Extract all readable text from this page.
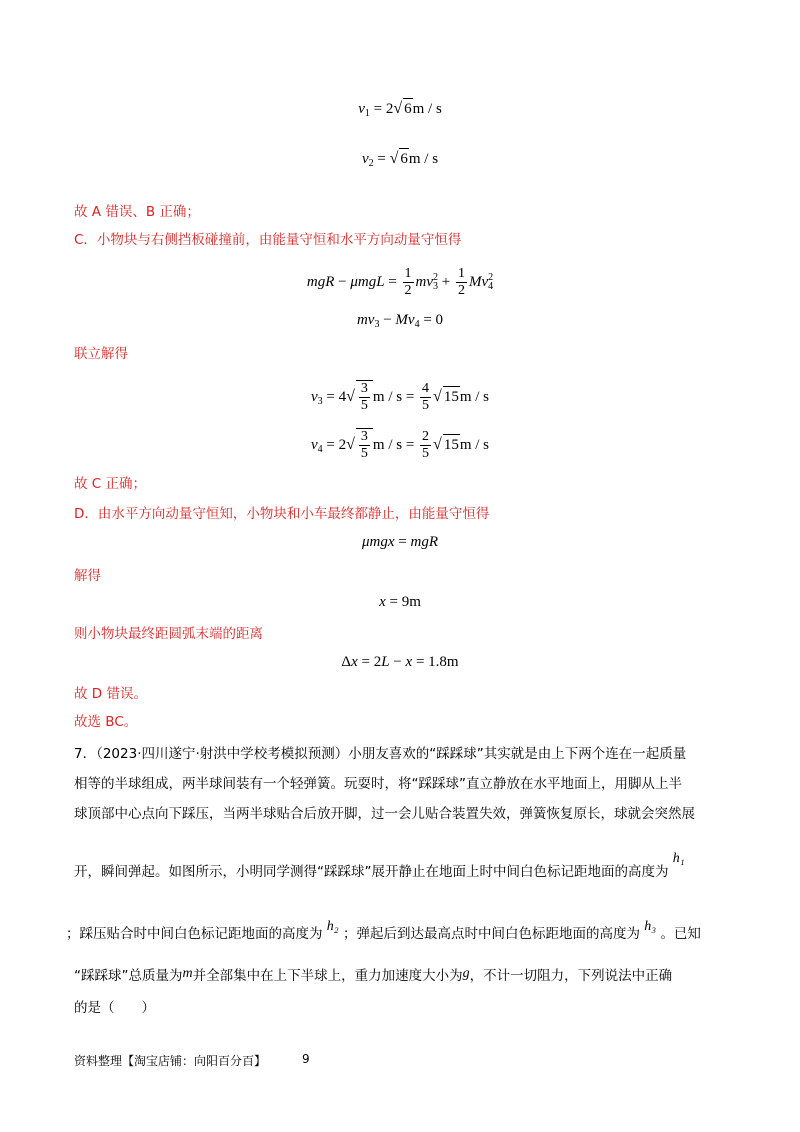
$v_1 = 2√$ 6m / s
$v_2$ = √ 6m / s
故 A 错误、B 正确；
C．小物块与右侧挡板碰撞前，由能量守恒和水平方向动量守恒得
mgR − $\mu mgL = \frac{1}{2} mv_3^2 + \frac{1}{2} Mv_4^2$
$mv_3 - Mv_4 = 0$
联立解得
$v_3 = 4√ \frac{3}{5}$ $m / s = \frac{4}{5}$ √ 15m / s
$v_4 = 2√ \frac{3}{5}$ $m / s = \frac{2}{5}$ √ 15m / s
故 C 正确；
D．由水平方向动量守恒知，小物块和小车最终都静止，由能量守恒得
μmgx = mgR
解得
x = 9m
则小物块最终距圆弧末端的距离
Δx = 2L − x = 1.8m
故 D 错误。
故选 BC。
7．（2023·四川遂宁·射洪中学校考模拟预测）小朋友喜欢的“踩踩球”其实就是由上下两个连在一起质量
相等的半球组成，两半球间装有一个轻弹簧。玩耍时，将“踩踩球”直立静放在水平地面上，用脚从上半
球顶部中心点向下踩压，当两半球贴合后放开脚，过一会儿贴合装置失效，弹簧恢复原长，球就会突然展
开，瞬间弹起。如图所示，小明同学测得“踩踩球”展开静止在地面上时中间白色标记距地面的高度为 h₁
；踩压贴合时中间白色标记距地面的高度为 h₂ ；弹起后到达最高点时中间白色标距地面的高度为 h₃ 。已知
“踩踩球”总质量为m并全部集中在上下半球上，重力加速度大小为g，不计一切阻力，下列说法中正确
的是（　　）
资料整理【淘宝店铺：向阳百分百】	9
